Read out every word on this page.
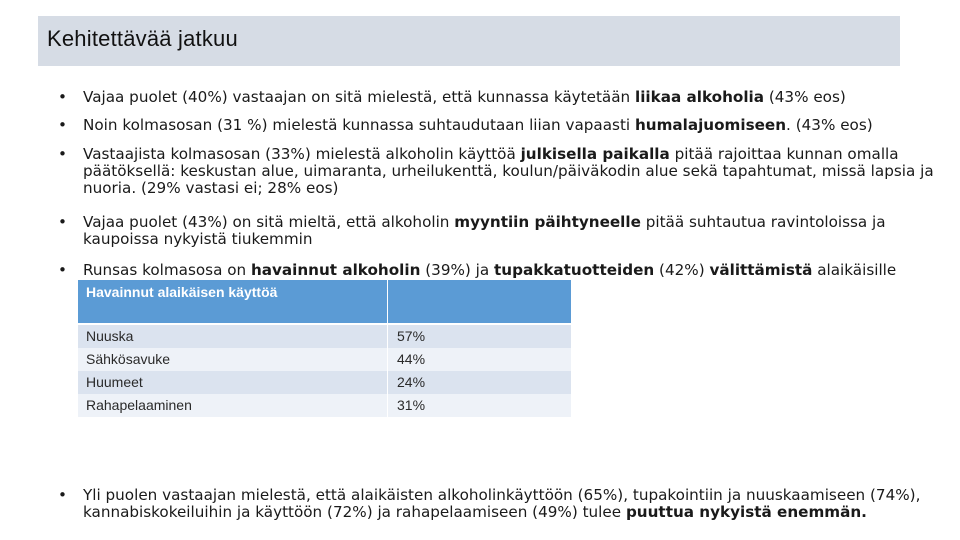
Kehitettävää jatkuu
•	Vajaa puolet (40%) vastaajan on sitä mielestä, että kunnassa käytetään liikaa alkoholia (43% eos)
•	Noin kolmasosan (31 %) mielestä kunnassa suhtaudutaan liian vapaasti humalajuomiseen. (43% eos)
•	Vastaajista kolmasosan (33%) mielestä alkoholin käyttöä julkisella paikalla pitää rajoittaa kunnan omalla päätöksellä: keskustan alue, uimaranta, urheilukenttä, koulun/päiväkodin alue sekä tapahtumat, missä lapsia ja nuoria. (29% vastasi ei; 28% eos)
•	Vajaa puolet (43%) on sitä mieltä, että alkoholin myyntiin päihtyneelle pitää suhtautua ravintoloissa ja kaupoissa nykyistä tiukemmin
•	Runsas kolmasosa on havainnut alkoholin (39%) ja tupakkatuotteiden (42%) välittämistä alaikäisille
•	Yli puolen vastaajan mielestä, että alaikäisten alkoholinkäyttöön (65%), tupakointiin ja nuuskaamiseen (74%), kannabiskokeiluihin ja käyttöön (72%) ja rahapelaamiseen (49%) tulee puuttua nykyistä enemmän.
Havainnut alaikäisen käyttöä
Nuuska	57%
Sähkösavuke	44%
Huumeet	24%
Rahapelaaminen	31%
